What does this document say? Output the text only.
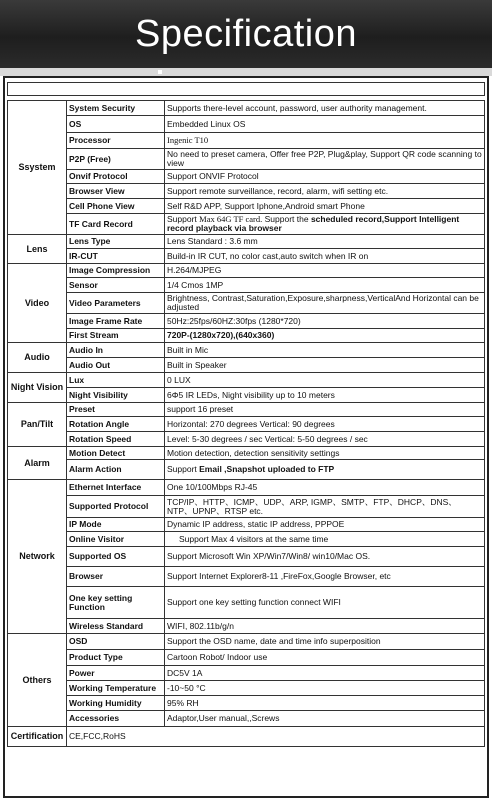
Specification
Ssystem	System Security	Supports there-level account, password, user authority management.
	OS	Embedded Linux OS
	Processor	Ingenic T10
	P2P (Free)	No need to preset camera, Offer free P2P, Plug&play, Support QR code scanning to view
	Onvif Protocol	Support ONVIF Protocol
	Browser View	Support remote surveillance, record, alarm, wifi setting etc.
	Cell Phone View	Self R&D APP, Support Iphone,Android smart Phone
	TF Card Record	Support Max 64G TF card. Support the scheduled record,Support Intelligent record playback via browser
Lens	Lens Type	Lens Standard : 3.6 mm
	IR-CUT	Build-in IR CUT, no color cast,auto switch when IR on
Video	Image Compression	H.264/MJPEG
	Sensor	1/4 Cmos 1MP
	Video Parameters	Brightness, Contrast,Saturation,Exposure,sharpness,VerticalAnd Horizontal can be adjusted
	Image Frame Rate	50Hz:25fps/60HZ:30fps (1280*720)
	First Stream	720P-(1280x720),(640x360)
Audio	Audio In	Built in Mic
	Audio Out	Built in Speaker
Night Vision	Lux	0 LUX
	Night Visibility	6Φ5 IR LEDs, Night visibility up to 10 meters
Pan/Tilt	Preset	support 16 preset
	Rotation Angle	Horizontal: 270 degrees Vertical: 90 degrees
	Rotation Speed	Level: 5-30 degrees / sec Vertical: 5-50 degrees / sec
Alarm	Motion Detect	Motion detection, detection sensitivity settings
	Alarm Action	Support Email ,Snapshot uploaded to FTP
Network	Ethernet Interface	One 10/100Mbps RJ-45
	Supported Protocol	TCP/IP、HTTP、ICMP、UDP、ARP, IGMP、SMTP、FTP、DHCP、DNS、NTP、UPNP、RTSP etc.
	IP Mode	Dynamic IP address, static IP address, PPPOE
	Online Visitor	Support Max 4 visitors at the same time
	Supported OS	Support Microsoft Win XP/Win7/Win8/ win10/Mac OS.
	Browser	Support Internet Explorer8-11 ,FireFox,Google Browser, etc
	One key setting Function	Support one key setting function connect WIFI
	Wireless Standard	WIFI, 802.11b/g/n
Others	OSD	Support the OSD name, date and time info superposition
	Product Type	Cartoon Robot/ Indoor use
	Power	DC5V 1A
	Working Temperature	-10~50 °C
	Working Humidity	95% RH
	Accessories	Adaptor,User manual,,Screws
Certification	CE,FCC,RoHS	
